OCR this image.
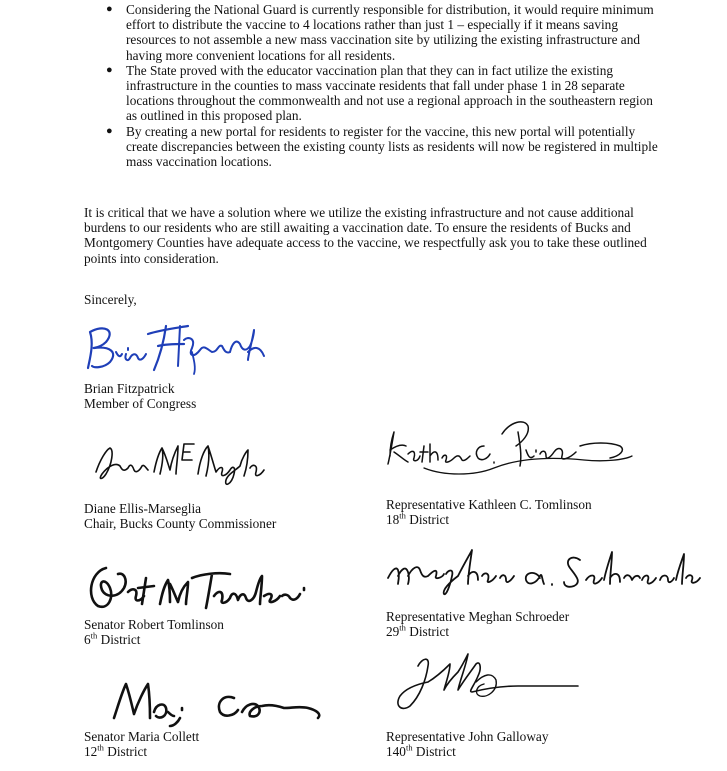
● Considering the National Guard is currently responsible for distribution, it would require minimum effort to distribute the vaccine to 4 locations rather than just 1 – especially if it means saving resources to not assemble a new mass vaccination site by utilizing the existing infrastructure and having more convenient locations for all residents.
● The State proved with the educator vaccination plan that they can in fact utilize the existing infrastructure in the counties to mass vaccinate residents that fall under phase 1 in 28 separate locations throughout the commonwealth and not use a regional approach in the southeastern region as outlined in this proposed plan.
● By creating a new portal for residents to register for the vaccine, this new portal will potentially create discrepancies between the existing county lists as residents will now be registered in multiple mass vaccination locations.

It is critical that we have a solution where we utilize the existing infrastructure and not cause additional burdens to our residents who are still awaiting a vaccination date. To ensure the residents of Bucks and Montgomery Counties have adequate access to the vaccine, we respectfully ask you to take these outlined points into consideration.

Sincerely,
Brian Fitzpatrick
Member of Congress
Diane Ellis-Marseglia
Chair, Bucks County Commissioner
Representative Kathleen C. Tomlinson
18th District
Senator Robert Tomlinson
6th District
Representative Meghan Schroeder
29th District
Senator Maria Collett
12th District
Representative John Galloway
140th District
